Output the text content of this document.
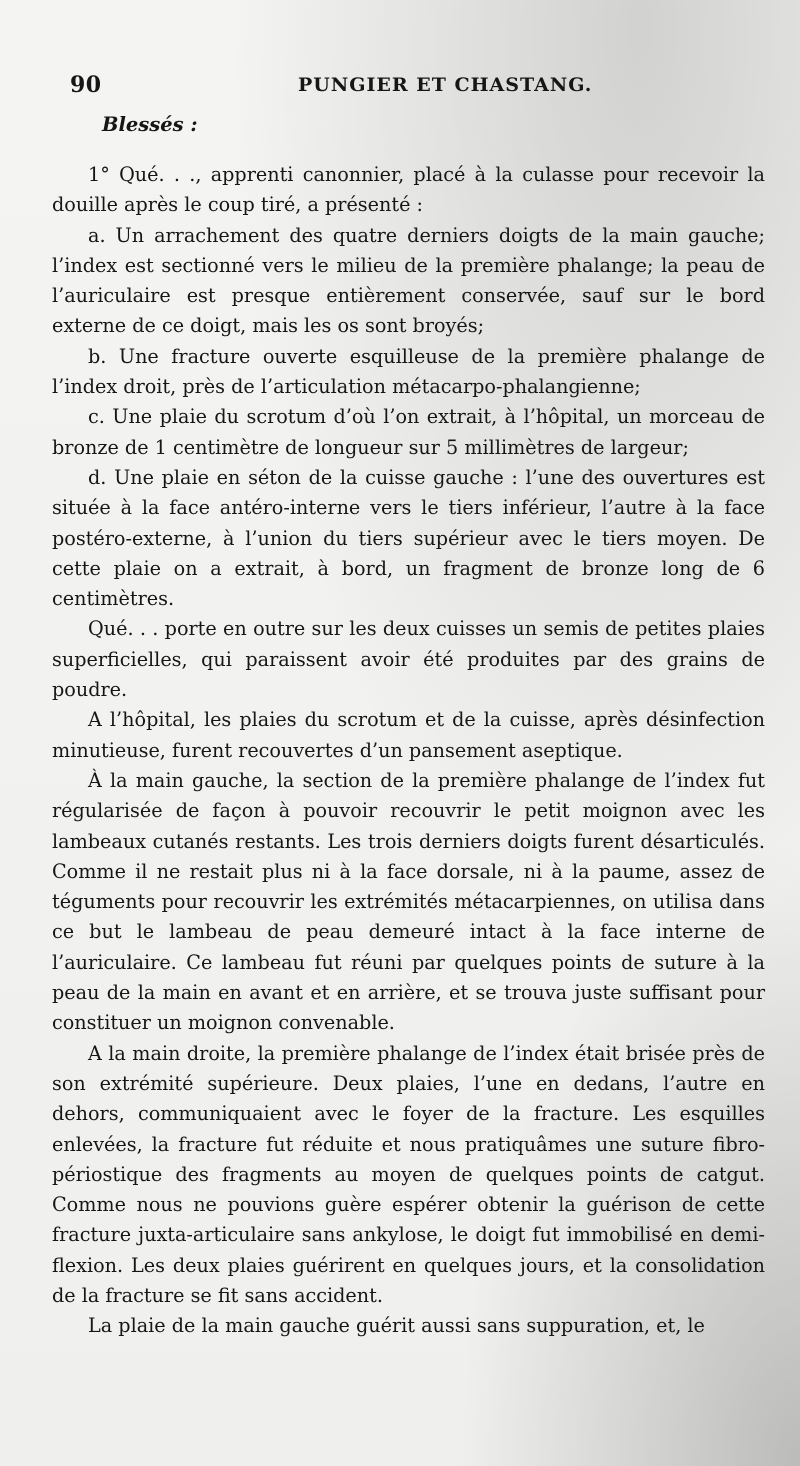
90	PUNGIER ET CHASTANG.
Blessés :

1° Qué. . ., apprenti canonnier, placé à la culasse pour recevoir la douille après le coup tiré, a présenté :

a. Un arrachement des quatre derniers doigts de la main gauche; l’index est sectionné vers le milieu de la première phalange; la peau de l’auriculaire est presque entièrement conservée, sauf sur le bord externe de ce doigt, mais les os sont broyés;

b. Une fracture ouverte esquilleuse de la première phalange de l’index droit, près de l’articulation métacarpo-phalangienne;

c. Une plaie du scrotum d’où l’on extrait, à l’hôpital, un morceau de bronze de 1 centimètre de longueur sur 5 millimètres de largeur;

d. Une plaie en séton de la cuisse gauche : l’une des ouvertures est située à la face antéro-interne vers le tiers inférieur, l’autre à la face postéro-externe, à l’union du tiers supérieur avec le tiers moyen. De cette plaie on a extrait, à bord, un fragment de bronze long de 6 centimètres.

Qué. . . porte en outre sur les deux cuisses un semis de petites plaies superficielles, qui paraissent avoir été produites par des grains de poudre.

A l’hôpital, les plaies du scrotum et de la cuisse, après désinfection minutieuse, furent recouvertes d’un pansement aseptique.

À la main gauche, la section de la première phalange de l’index fut régularisée de façon à pouvoir recouvrir le petit moignon avec les lambeaux cutanés restants. Les trois derniers doigts furent désarticulés. Comme il ne restait plus ni à la face dorsale, ni à la paume, assez de téguments pour recouvrir les extrémités métacarpiennes, on utilisa dans ce but le lambeau de peau demeuré intact à la face interne de l’auriculaire. Ce lambeau fut réuni par quelques points de suture à la peau de la main en avant et en arrière, et se trouva juste suffisant pour constituer un moignon convenable.

A la main droite, la première phalange de l’index était brisée près de son extrémité supérieure. Deux plaies, l’une en dedans, l’autre en dehors, communiquaient avec le foyer de la fracture. Les esquilles enlevées, la fracture fut réduite et nous pratiquâmes une suture fibro-périostique des fragments au moyen de quelques points de catgut. Comme nous ne pouvions guère espérer obtenir la guérison de cette fracture juxta-articulaire sans ankylose, le doigt fut immobilisé en demi-flexion. Les deux plaies guérirent en quelques jours, et la consolidation de la fracture se fit sans accident.

La plaie de la main gauche guérit aussi sans suppuration, et, le
